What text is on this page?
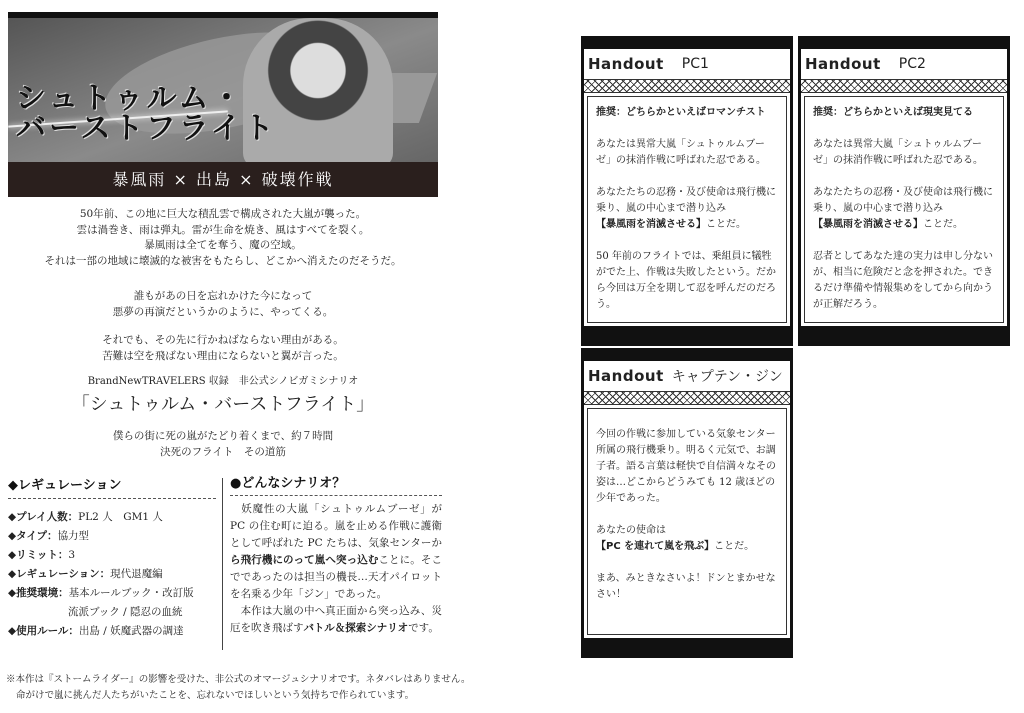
シュトゥルム・
バーストフライト
暴風雨 × 出島 × 破壊作戦
50年前、この地に巨大な積乱雲で構成された大嵐が襲った。
雲は渦巻き、雨は弾丸。雷が生命を焼き、風はすべてを裂く。
暴風雨は全てを奪う、魔の空域。
それは一部の地域に壊滅的な被害をもたらし、どこかへ消えたのだそうだ。
誰もがあの日を忘れかけた今になって
悪夢の再演だというかのように、やってくる。
それでも、その先に行かねばならない理由がある。
苦難は空を飛ばない理由にならないと翼が言った。
BrandNewTRAVELERS 収録　非公式シノビガミシナリオ
「シュトゥルム・バーストフライト」
僕らの街に死の嵐がたどり着くまで、約７時間
決死のフライト　その道筋
◆レギュレーション

◆プレイ人数：PL2 人　GM1 人

◆タイプ：協力型

◆リミット：3

◆レギュレーション：現代退魔編

◆推奨環境：基本ルールブック・改訂版

流派ブック / 隠忍の血統

◆使用ルール：出島 / 妖魔武器の調達

●どんなシナリオ？

　妖魔性の大嵐「シュトゥルムブーゼ」がPC の住む町に迫る。嵐を止める作戦に護衛として呼ばれた PC たちは、気象センターから飛行機にのって嵐へ突っ込むことに。そこでであったのは担当の機長…天才パイロットを名乗る少年「ジン」であった。

　本作は大嵐の中へ真正面から突っ込み、災厄を吹き飛ばすバトル＆探索シナリオです。

※本作は『ストームライダー』の影響を受けた、非公式のオマージュシナリオです。ネタバレはありません。
命がけで嵐に挑んだ人たちがいたことを、忘れないでほしいという気持ちで作られています。
Handout PC1

推奨：どちらかといえばロマンチスト

あなたは異常大嵐「シュトゥルムブーゼ」の抹消作戦に呼ばれた忍である。

あなたたちの忍務・及び使命は飛行機に乗り、嵐の中心まで潜り込み
【暴風雨を消滅させる】ことだ。

50 年前のフライトでは、乗組員に犠牲がでた上、作戦は失敗したという。だから今回は万全を期して忍を呼んだのだろう。

Handout PC2

推奨：どちらかといえば現実見てる

あなたは異常大嵐「シュトゥルムブーゼ」の抹消作戦に呼ばれた忍である。

あなたたちの忍務・及び使命は飛行機に乗り、嵐の中心まで潜り込み
【暴風雨を消滅させる】ことだ。

忍者としてあなた達の実力は申し分ないが、相当に危険だと念を押された。できるだけ準備や情報集めをしてから向かうが正解だろう。

Handout キャプテン・ジン

今回の作戦に参加している気象センター所属の飛行機乗り。明るく元気で、お調子者。語る言葉は軽快で自信満々なその姿は…どこからどうみても 12 歳ほどの少年であった。

あなたの使命は
【PC を連れて嵐を飛ぶ】ことだ。

まあ、みときなさいよ！ドンとまかせなさい！
